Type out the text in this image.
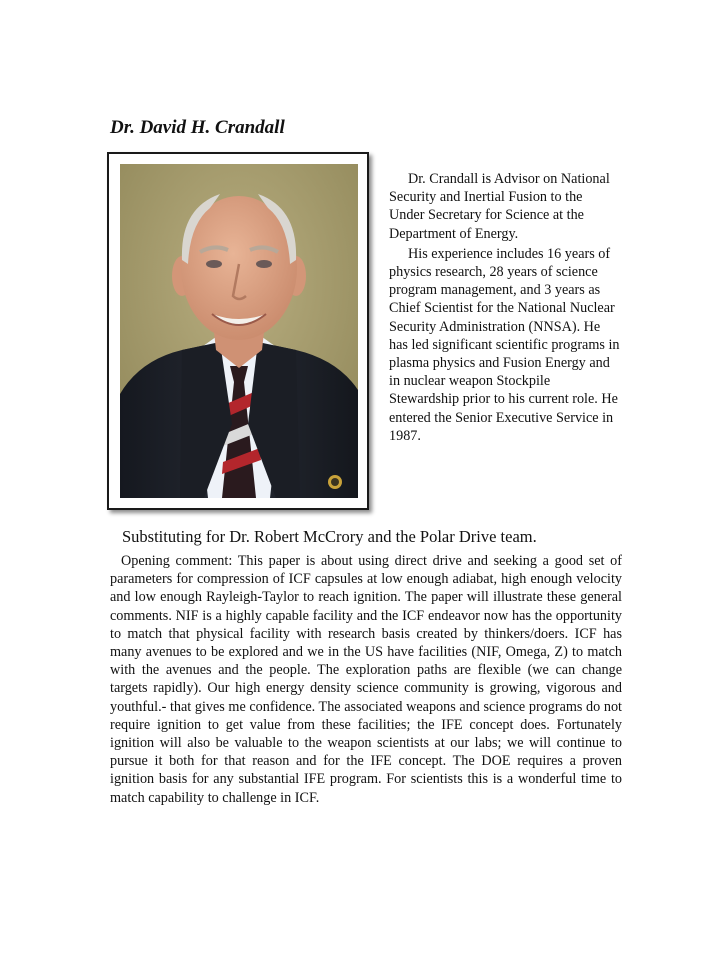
Dr. David H. Crandall

Dr. Crandall is Advisor on National Security and Inertial Fusion to the Under Secretary for Science at the Department of Energy.

His experience includes 16 years of physics research, 28 years of science program management, and 3 years as Chief Scientist for the National Nuclear Security Administration (NNSA). He has led significant scientific programs in plasma physics and Fusion Energy and in nuclear weapon Stockpile Stewardship prior to his current role. He entered the Senior Executive Service in 1987.

Substituting for Dr. Robert McCrory and the Polar Drive team.

Opening comment: This paper is about using direct drive and seeking a good set of parameters for compression of ICF capsules at low enough adiabat, high enough velocity and low enough Rayleigh-Taylor to reach ignition. The paper will illustrate these general comments. NIF is a highly capable facility and the ICF endeavor now has the opportunity to match that physical facility with research basis created by thinkers/doers. ICF has many avenues to be explored and we in the US have facilities (NIF, Omega, Z) to match with the avenues and the people. The exploration paths are flexible (we can change targets rapidly). Our high energy density science community is growing, vigorous and youthful.- that gives me confidence. The associated weapons and science programs do not require ignition to get value from these facilities; the IFE concept does. Fortunately ignition will also be valuable to the weapon scientists at our labs; we will continue to pursue it both for that reason and for the IFE concept. The DOE requires a proven ignition basis for any substantial IFE program. For scientists this is a wonderful time to match capability to challenge in ICF.
